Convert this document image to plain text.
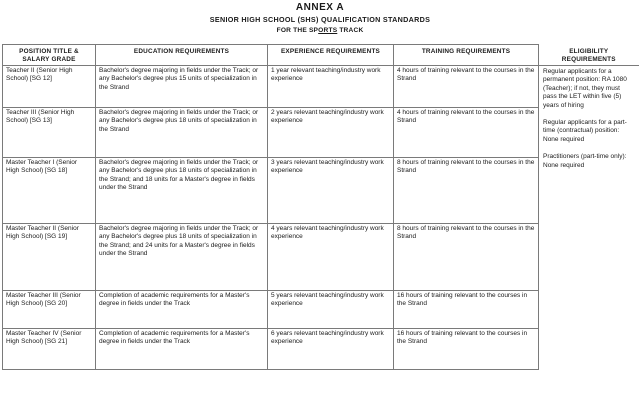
ANNEX A
SENIOR HIGH SCHOOL (SHS) QUALIFICATION STANDARDS
FOR THE SPORTS TRACK
POSITION TITLE & SALARY GRADE	EDUCATION REQUIREMENTS	EXPERIENCE REQUIREMENTS	TRAINING REQUIREMENTS	ELIGIBILITY REQUIREMENTS
Teacher II (Senior High School) [SG 12]	Bachelor's degree majoring in fields under the Track; or any Bachelor's degree plus 15 units of specialization in the Strand	1 year relevant teaching/industry work experience	4 hours of training relevant to the courses in the Strand	Regular applicants for a permanent position: RA 1080 (Teacher); if not, they must pass the LET within five (5) years of hiring
Regular applicants for a part-time (contractual) position: None required
Practitioners (part-time only): None required

Teacher III (Senior High School) [SG 13]	Bachelor's degree majoring in fields under the Track; or any Bachelor's degree plus 18 units of specialization in the Strand	2 years relevant teaching/industry work experience	4 hours of training relevant to the courses in the Strand	
Master Teacher I (Senior High School) [SG 18]	Bachelor's degree majoring in fields under the Track; or any Bachelor's degree plus 18 units of specialization in the Strand; and 18 units for a Master's degree in fields under the Strand	3 years relevant teaching/industry work experience	8 hours of training relevant to the courses in the Strand	
Master Teacher II (Senior High School) [SG 19]	Bachelor's degree majoring in fields under the Track; or any Bachelor's degree plus 18 units of specialization in the Strand; and 24 units for a Master's degree in fields under the Strand	4 years relevant teaching/industry work experience	8 hours of training relevant to the courses in the Strand	
Master Teacher III (Senior High School) [SG 20]	Completion of academic requirements for a Master's degree in fields under the Track	5 years relevant teaching/industry work experience	16 hours of training relevant to the courses in the Strand	
Master Teacher IV (Senior High School) [SG 21]	Completion of academic requirements for a Master's degree in fields under the Track	6 years relevant teaching/industry work experience	16 hours of training relevant to the courses in the Strand	
